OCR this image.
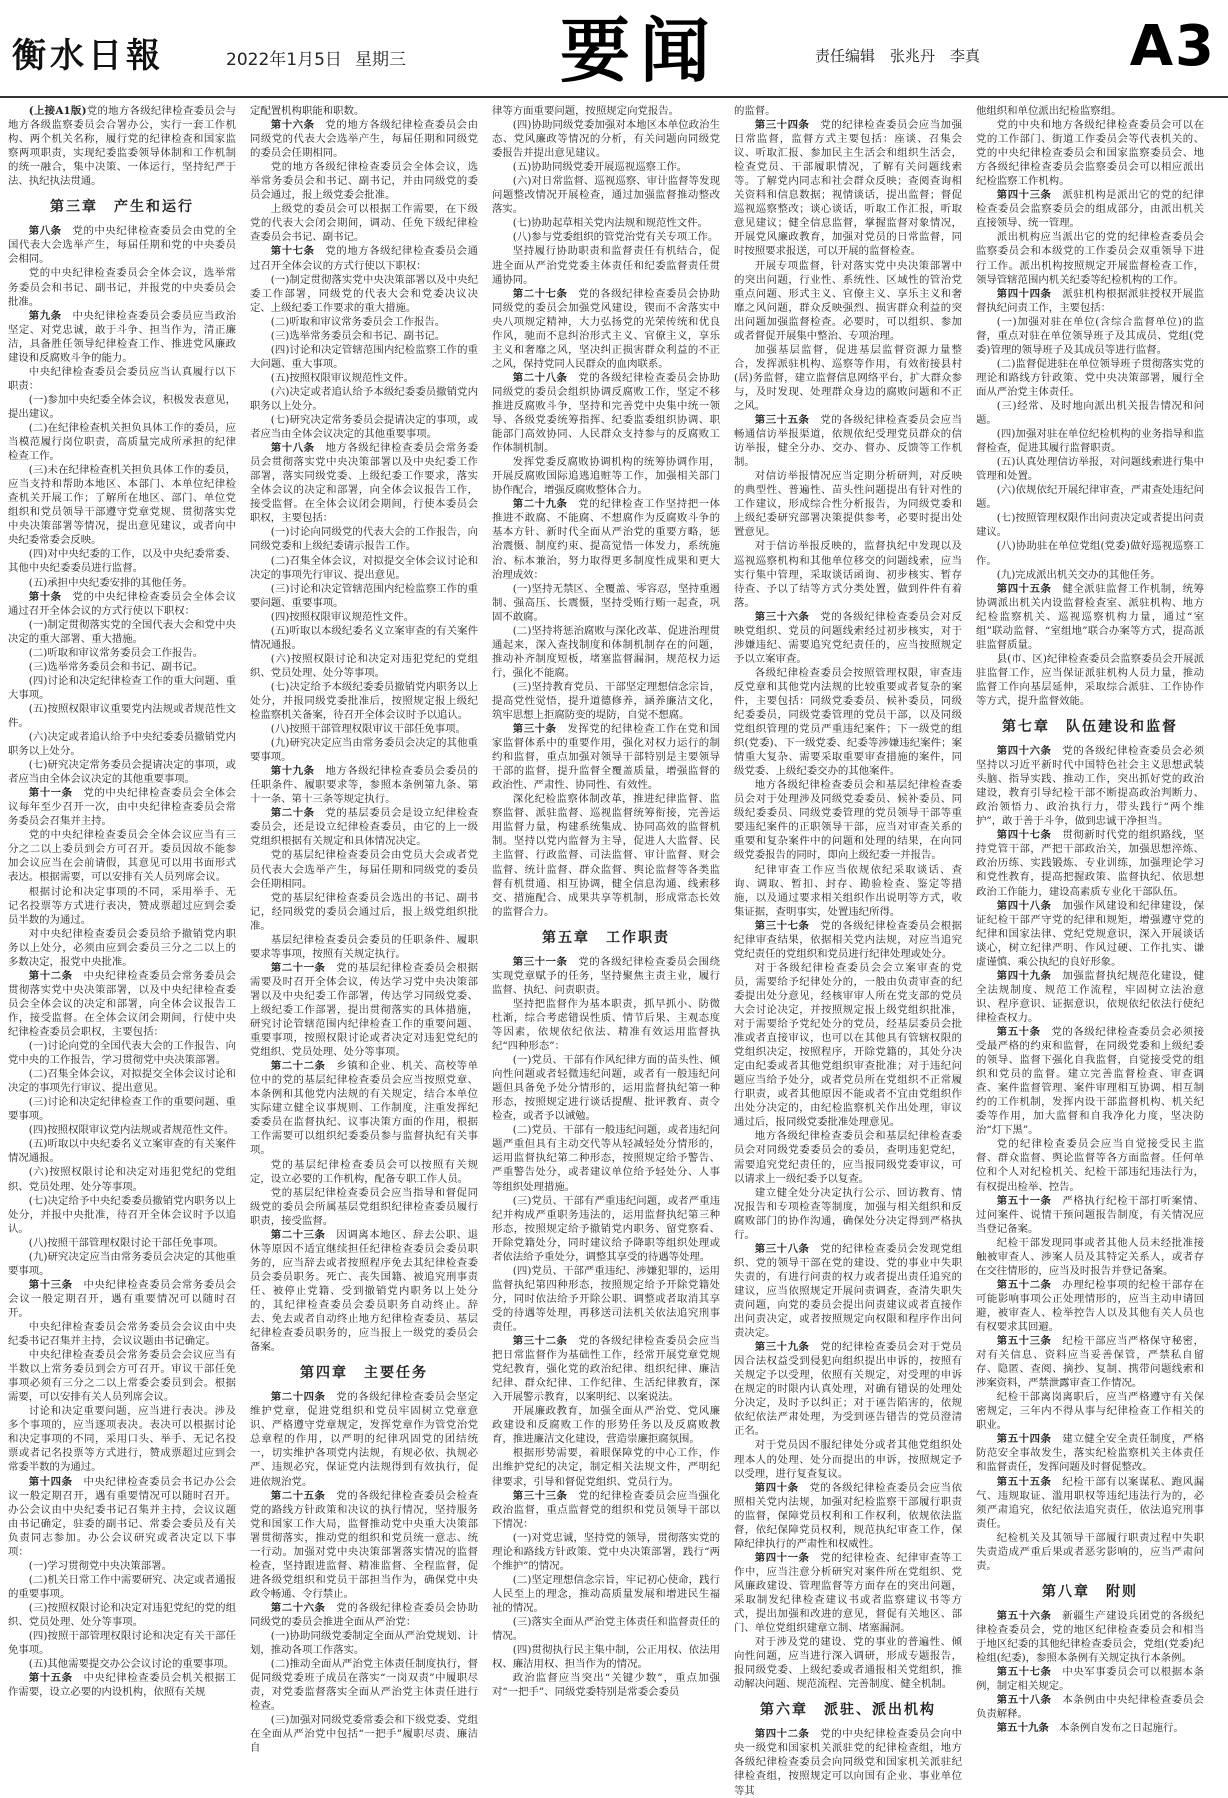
衡水日報	2022年1月5日 星期三	要闻	责任编辑　张兆丹　李真	A3

(上接A1版)党的地方各级纪律检查委员会与地方各级监察委员会合署办公，实行一套工作机构、两个机关名称，履行党的纪律检查和国家监察两项职责，实现纪委监委领导体制和工作机制的统一融合，集中决策、一体运行，坚持纪严于法、执纪执法贯通。

第三章　产生和运行

第八条　党的中央纪律检查委员会由党的全国代表大会选举产生，每届任期和党的中央委员会相同。

党的中央纪律检查委员会全体会议，选举常务委员会和书记、副书记，并报党的中央委员会批准。

第九条　中央纪律检查委员会委员应当政治坚定、对党忠诚，敢于斗争、担当作为，清正廉洁，具备胜任领导纪律检查工作、推进党风廉政建设和反腐败斗争的能力。

中央纪律检查委员会委员应当认真履行以下职责：

(一)参加中央纪委全体会议，积极发表意见，提出建议。

(二)在纪律检查机关担负具体工作的委员，应当模范履行岗位职责，高质量完成所承担的纪律检查工作。

(三)未在纪律检查机关担负具体工作的委员，应当支持和帮助本地区、本部门、本单位纪律检查机关开展工作；了解所在地区、部门、单位党组织和党员领导干部遵守党章党规、贯彻落实党中央决策部署等情况，提出意见建议，或者向中央纪委常委会反映。

(四)对中央纪委的工作，以及中央纪委常委、其他中央纪委委员进行监督。

(五)承担中央纪委安排的其他任务。

第十条　党的中央纪律检查委员会全体会议通过召开全体会议的方式行使以下职权：

(一)制定贯彻落实党的全国代表大会和党中央决定的重大部署、重大措施。

(二)听取和审议常务委员会工作报告。

(三)选举常务委员会和书记、副书记。

(四)讨论和决定纪律检查工作的重大问题、重大事项。

(五)按照权限审议重要党内法规或者规范性文件。

(六)决定或者追认给予中央纪委委员撤销党内职务以上处分。

(七)研究决定常务委员会提请决定的事项，或者应当由全体会议决定的其他重要事项。

第十一条　党的中央纪律检查委员会全体会议每年至少召开一次，由中央纪律检查委员会常务委员会召集并主持。

党的中央纪律检查委员会全体会议应当有三分之二以上委员到会方可召开。委员因故不能参加会议应当在会前请假，其意见可以用书面形式表达。根据需要，可以安排有关人员列席会议。

根据讨论和决定事项的不同，采用举手、无记名投票等方式进行表决，赞成票超过应到会委员半数的为通过。

对中央纪律检查委员会委员给予撤销党内职务以上处分，必须由应到会委员三分之二以上的多数决定，报党中央批准。

第十二条　中央纪律检查委员会常务委员会贯彻落实党中央决策部署，以及中央纪律检查委员会全体会议的决定和部署，向全体会议报告工作，接受监督。在全体会议闭会期间，行使中央纪律检查委员会职权，主要包括：

(一)讨论向党的全国代表大会的工作报告、向党中央的工作报告，学习贯彻党中央决策部署。

(二)召集全体会议，对拟提交全体会议讨论和决定的事项先行审议、提出意见。

(三)讨论和决定纪律检查工作的重要问题、重要事项。

(四)按照权限审议党内法规或者规范性文件。

(五)听取以中央纪委名义立案审查的有关案件情况通报。

(六)按照权限讨论和决定对违犯党纪的党组织、党员处理、处分等事项。

(七)决定给予中央纪委委员撤销党内职务以上处分，并报中央批准，待召开全体会议时予以追认。

(八)按照干部管理权限讨论干部任免事项。

(九)研究决定应当由常务委员会决定的其他重要事项。

第十三条　中央纪律检查委员会常务委员会会议一般定期召开，遇有重要情况可以随时召开。

中央纪律检查委员会常务委员会会议由中央纪委书记召集并主持，会议议题由书记确定。

中央纪律检查委员会常务委员会会议应当有半数以上常务委员到会方可召开。审议干部任免事项必须有三分之二以上常委会委员到会。根据需要，可以安排有关人员列席会议。

讨论和决定重要问题，应当进行表决。涉及多个事项的，应当逐项表决。表决可以根据讨论和决定事项的不同，采用口头、举手、无记名投票或者记名投票等方式进行，赞成票超过应到会常委半数的为通过。

第十四条　中央纪律检查委员会书记办公会议一般定期召开，遇有重要情况可以随时召开。办公会议由中央纪委书记召集并主持，会议议题由书记确定，驻委的副书记、常委会委员及有关负责同志参加。办公会议研究或者决定以下事项：

(一)学习贯彻党中央决策部署。

(二)机关日常工作中需要研究、决定或者通报的重要事项。

(三)按照权限讨论和决定对违犯党纪的党的组织、党员处理、处分等事项。

(四)按照干部管理权限讨论和决定有关干部任免事项。

(五)其他需要提交办公会议讨论的重要事项。

第十五条　中央纪律检查委员会机关根据工作需要，设立必要的内设机构，依照有关规

定配置机构职能和职数。

第十六条　党的地方各级纪律检查委员会由同级党的代表大会选举产生，每届任期和同级党的委员会任期相同。

党的地方各级纪律检查委员会全体会议，选举常务委员会和书记、副书记，并由同级党的委员会通过，报上级党委会批准。

上级党的委员会可以根据工作需要，在下级党的代表大会闭会期间，调动、任免下级纪律检查委员会书记、副书记。

第十七条　党的地方各级纪律检查委员会通过召开全体会议的方式行使以下职权：

(一)制定贯彻落实党中央决策部署以及中央纪委工作部署，同级党的代表大会和党委决议决定、上级纪委工作要求的重大措施。

(二)听取和审议常务委员会工作报告。

(三)选举常务委员会和书记、副书记。

(四)讨论和决定管辖范围内纪检监察工作的重大问题、重大事项。

(五)按照权限审议规范性文件。

(六)决定或者追认给予本级纪委委员撤销党内职务以上处分。

(七)研究决定常务委员会提请决定的事项，或者应当由全体会议决定的其他重要事项。

第十八条　地方各级纪律检查委员会常务委员会贯彻落实党中央决策部署以及中央纪委工作部署，落实同级党委、上级纪委工作要求，落实全体会议的决定和部署，向全体会议报告工作，接受监督。在全体会议闭会期间，行使本委员会职权，主要包括：

(一)讨论向同级党的代表大会的工作报告，向同级党委和上级纪委请示报告工作。

(二)召集全体会议，对拟提交全体会议讨论和决定的事项先行审议、提出意见。

(三)讨论和决定管辖范围内纪检监察工作的重要问题、重要事项。

(四)按照权限审议规范性文件。

(五)听取以本级纪委名义立案审查的有关案件情况通报。

(六)按照权限讨论和决定对违犯党纪的党组织、党员处理、处分等事项。

(七)决定给予本级纪委委员撤销党内职务以上处分，并报同级党委批准后，按照规定报上级纪检监察机关备案，待召开全体会议时予以追认。

(八)按照干部管理权限审议干部任免事项。

(九)研究决定应当由常务委员会决定的其他重要事项。

第十九条　地方各级纪律检查委员会委员的任职条件、履职要求等，参照本条例第九条、第十一条、第十三条等规定执行。

第二十条　党的基层委员会是设立纪律检查委员会，还是设立纪律检查委员，由它的上一级党组织根据有关规定和具体情况决定。

党的基层纪律检查委员会由党员大会或者党员代表大会选举产生，每届任期和同级党的委员会任期相同。

党的基层纪律检查委员会选出的书记、副书记，经同级党的委员会通过后，报上级党组织批准。

基层纪律检查委员会委员的任职条件、履职要求等事项，按照有关规定执行。

第二十一条　党的基层纪律检查委员会根据需要及时召开全体会议，传达学习党中央决策部署以及中央纪委工作部署，传达学习同级党委、上级纪委工作部署，提出贯彻落实的具体措施，研究讨论管辖范围内纪律检查工作的重要问题、重要事项，按照权限讨论或者决定对违犯党纪的党组织、党员处理、处分等事项。

第二十二条　乡镇和企业、机关、高校等单位中的党的基层纪律检查委员会应当按照党章、本条例和其他党内法规的有关规定，结合本单位实际建立健全议事规则、工作制度，注重发挥纪委委员在监督执纪、议事决策方面的作用，根据工作需要可以组织纪委委员参与监督执纪有关事项。

党的基层纪律检查委员会可以按照有关规定，设立必要的工作机构，配备专职工作人员。

党的基层纪律检查委员会应当指导和督促同级党的委员会所属基层党组织纪律检查委员履行职责，接受监督。

第二十三条　因调离本地区、辞去公职、退休等原因不适宜继续担任纪律检查委员会委员职务的，应当辞去或者按照程序免去其纪律检查委员会委员职务。死亡、丧失国籍、被追究刑事责任、被停止党籍、受到撤销党内职务以上处分的，其纪律检查委员会委员职务自动终止。辞去、免去或者自动终止地方纪律检查委员、基层纪律检查委员职务的，应当报上一级党的委员会备案。

第四章　主要任务

第二十四条　党的各级纪律检查委员会坚定维护党章，促进党组织和党员牢固树立党章意识、严格遵守党章规定，发挥党章作为管党治党总章程的作用，以严明的纪律巩固党的团结统一，切实维护各项党内法规，有规必依、执规必严、违规必究，保证党内法规得到有效执行，促进依规治党。

第二十五条　党的各级纪律检查委员会检查党的路线方针政策和决议的执行情况，坚持服务党和国家工作大局，监督推动党中央重大决策部署贯彻落实，推动党的组织和党员统一意志、统一行动。加强对党中央决策部署落实情况的监督检查，坚持跟进监督、精准监督、全程监督，促进各级党组织和党员干部担当作为，确保党中央政令畅通、令行禁止。

第二十六条　党的各级纪律检查委员会协助同级党的委员会推进全面从严治党：

(一)协助同级党委制定全面从严治党规划、计划，推动各项工作落实。

(二)推动全面从严治党主体责任制度执行，督促同级党委班子成员在落实“一岗双责”中履职尽责，对党委监督落实全面从严治党主体责任进行检查。

(三)加强对同级党委常委会和下级党委、党组在全面从严治党中包括“一把手”履职尽责、廉洁自

律等方面重要问题，按照规定向党报告。

(四)协助同级党委加强对本地区本单位政治生态、党风廉政等情况的分析，有关问题向同级党委报告并提出意见建议。

(五)协助同级党委开展巡视巡察工作。

(六)对日常监督、巡视巡察、审计监督等发现问题整改情况开展检查，通过加强监督推动整改落实。

(七)协助起草相关党内法规和规范性文件。

(八)参与党委组织的管党治党有关专项工作。

坚持履行协助职责和监督责任有机结合，促进全面从严治党党委主体责任和纪委监督责任贯通协同。

第二十七条　党的各级纪律检查委员会协助同级党的委员会加强党风建设，锲而不舍落实中央八项规定精神，大力弘扬党的光荣传统和优良作风，驰而不息纠治形式主义、官僚主义，享乐主义和奢靡之风，坚决纠正损害群众利益的不正之风，保持党同人民群众的血肉联系。

第二十八条　党的各级纪律检查委员会协助同级党的委员会组织协调反腐败工作，坚定不移推进反腐败斗争，坚持和完善党中央集中统一领导、各级党委统筹指挥、纪委监委组织协调、职能部门高效协同、人民群众支持参与的反腐败工作体制机制。

发挥党委反腐败协调机构的统筹协调作用，开展反腐败国际追逃追赃等工作，加强相关部门协作配合，增强反腐败整体合力。

第二十九条　党的纪律检查工作坚持把一体推进不敢腐、不能腐、不想腐作为反腐败斗争的基本方针、新时代全面从严治党的重要方略，惩治震慑、制度约束、提高觉悟一体发力，系统施治、标本兼治，努力取得更多制度性成果和更大治理成效：

(一)坚持无禁区、全覆盖、零容忍，坚持重遏制、强高压、长震慑，坚持受贿行贿一起查，巩固不敢腐。

(二)坚持将惩治腐败与深化改革、促进治理贯通起来，深入查找制度和体制机制存在的问题，推动补齐制度短板，堵塞监督漏洞，规范权力运行，强化不能腐。

(三)坚持教育党员、干部坚定理想信念宗旨，提高党性觉悟，提升道德修养，涵养廉洁文化，筑牢思想上拒腐防变的堤防，自觉不想腐。

第三十条　发挥党的纪律检查工作在党和国家监督体系中的重要作用，强化对权力运行的制约和监督，重点加强对领导干部特别是主要领导干部的监督，提升监督全覆盖质量，增强监督的政治性、严肃性、协同性、有效性。

深化纪检监察体制改革，推进纪律监督、监察监督、派驻监督、巡视监督统筹衔接，完善运用监督力量，构建系统集成、协同高效的监督机制。坚持以党内监督为主导，促进人大监督、民主监督、行政监督、司法监督、审计监督、财会监督、统计监督、群众监督、舆论监督等各类监督有机贯通、相互协调，健全信息沟通、线索移交、措施配合、成果共享等机制，形成常态长效的监督合力。

第五章　工作职责

第三十一条　党的各级纪律检查委员会围绕实现党章赋予的任务，坚持聚焦主责主业，履行监督、执纪、问责职责。

坚持把监督作为基本职责，抓早抓小、防微杜渐，综合考虑错误性质、情节后果、主观态度等因素，依规依纪依法、精准有效运用监督执纪“四种形态”：

(一)党员、干部有作风纪律方面的苗头性、倾向性问题或者轻微违纪问题，或者有一般违纪问题但具备免予处分情形的，运用监督执纪第一种形态，按照规定进行谈话提醒、批评教育、责令检查，或者予以诫勉。

(二)党员、干部有一般违纪问题，或者违纪问题严重但具有主动交代等从轻减轻处分情形的，运用监督执纪第二种形态，按照规定给予警告、严重警告处分，或者建议单位给予轻处分、人事等组织处理措施。

(三)党员、干部有严重违纪问题，或者严重违纪并构成严重职务违法的，运用监督执纪第三种形态，按照规定给予撤销党内职务、留党察看、开除党籍处分，同时建议给予降职等组织处理或者依法给予重处分，调整其享受的待遇等处理。

(四)党员、干部严重违纪、涉嫌犯罪的，运用监督执纪第四种形态，按照规定给予开除党籍处分，同时依法给予开除公职、调整或者取消其享受的待遇等处理，再移送司法机关依法追究刑事责任。

第三十二条　党的各级纪律检查委员会应当把日常监督作为基础性工作，经常开展党章党规党纪教育，强化党的政治纪律、组织纪律、廉洁纪律、群众纪律、工作纪律、生活纪律教育，深入开展警示教育，以案明纪、以案说法。

开展廉政教育，加强全面从严治党、党风廉政建设和反腐败工作的形势任务以及反腐败教育，推进廉洁文化建设，营造崇廉拒腐氛围。

根据形势需要，着眼保障党的中心工作，作出维护党纪的决定，制定相关法规文件，严明纪律要求，引导和督促党组织、党员行为。

第三十三条　党的纪律检查委员会应当强化政治监督，重点监督党的组织和党员领导干部以下情况：

(一)对党忠诚，坚持党的领导，贯彻落实党的理论和路线方针政策、党中央决策部署，践行“两个维护”的情况。

(二)坚定理想信念宗旨，牢记初心使命，践行人民至上的理念，推动高质量发展和增进民生福祉的情况。

(三)落实全面从严治党主体责任和监督责任的情况。

(四)贯彻执行民主集中制，公正用权、依法用权、廉洁用权、担当作为的情况。

政治监督应当突出“关键少数”，重点加强对“一把手”、同级党委特别是常委会委员

的监督。

第三十四条　党的纪律检查委员会应当加强日常监督，监督方式主要包括：座谈、召集会议、听取汇报、参加民主生活会和组织生活会，检查党员、干部履职情况，了解有关问题线索等。了解党内同志和社会群众反映；查阅查询相关资料和信息数据；视情谈话，提出监督；督促巡视巡察整改；谈心谈话，听取工作汇报，听取意见建议；健全信息监督，掌握监督对象情况，开展党风廉政教育，加强对党员的日常监督，同时按照要求报送，可以开展的监督检查。

开展专项监督，针对落实党中央决策部署中的突出问题，行业性、系统性、区域性的管治党重点问题、形式主义、官僚主义、享乐主义和奢靡之风问题，群众反映强烈、损害群众利益的突出问题加强监督检查。必要时，可以组织、参加或者督促开展集中整治、专项治理。

加强基层监督，促进基层监督资源力量整合，发挥派驻机构、巡察等作用，有效衔接县村(居)务监督，建立监督信息网络平台，扩大群众参与，及时发现、处理群众身边的腐败问题和不正之风。

第三十五条　党的各级纪律检查委员会应当畅通信访举报渠道，依规依纪受理党员群众的信访举报，健全分办、交办、督办、反馈等工作机制。

对信访举报情况应当定期分析研判，对反映的典型性、普遍性、苗头性问题提出有针对性的工作建议，形成综合性分析报告，为同级党委和上级纪委研究部署决策提供参考，必要时提出处置意见。

对于信访举报反映的，监督执纪中发现以及巡视巡察机构和其他单位移交的问题线索，应当实行集中管理，采取谈话函询、初步核实、暂存待查、予以了结等方式分类处置，做到件件有着落。

第三十六条　党的各级纪律检查委员会对反映党组织、党员的问题线索经过初步核实，对于涉嫌违纪、需要追究党纪责任的，应当按照规定予以立案审查。

各级纪律检查委员会按照管理权限，审查违反党章和其他党内法规的比较重要或者复杂的案件，主要包括：同级党委委员、候补委员，同级纪委委员，同级党委管理的党员干部，以及同级党组织管理的党员严重违纪案件；下一级党的组织(党委)、下一级党委、纪委等涉嫌违纪案件；案情重大复杂、需要采取重要审查措施的案件，同级党委、上级纪委交办的其他案件。

地方各级纪律检查委员会和基层纪律检查委员会对于处理涉及同级党委委员、候补委员、同级纪委委员、同级党委管理的党员领导干部等重要违纪案件的正职领导干部，应当对审查关系的重要和复杂案件中的问题和处理的结果，在向同级党委报告的同时，即向上级纪委一并报告。

纪律审查工作应当依规依纪采取谈话、查询、调取、暂扣、封存、勘验检查、鉴定等措施，以及通过要求相关组织作出说明等方式，收集证据，查明事实，处置违纪所得。

第三十七条　党的各级纪律检查委员会根据纪律审查结果，依据相关党内法规，对应当追究党纪责任的党组织和党员进行纪律处理或处分。

对于各级纪律检查委员会会立案审查的党员，需要给予纪律处分的，一般由负责审查的纪委提出处分意见，经核审审人所在党支部的党员大会讨论决定，并按照规定报上级党组织批准，对于需要给予党纪处分的党员，经基层委员会批准或者直接审议，也可以在其他具有管辖权限的党组织决定，按照程序，开除党籍的，其处分决定由纪委或者其他党组织审查批准；对于违纪问题应当给予处分，或者党员所在党组织不正常履行职责，或者其他原因不能或者不宜由党组织作出处分决定的，由纪检监察机关作出处理，审议通过后，报同级党委批准处理意见。

地方各级纪律检查委员会和基层纪律检查委员会对同级党委委员会的委员，查明违犯党纪，需要追究党纪责任的，应当报同级党委审议，可以请求上一级纪委予以复查。

建立健全处分决定执行公示、回访教育、情况报告和专项检查等制度，加强与相关组织和反腐败部门的协作沟通，确保处分决定得到严格执行。

第三十八条　党的纪律检查委员会发现党组织、党的领导干部在党的建设、党的事业中失职失责的，有进行问责的权力或者提出责任追究的建议，应当依照规定开展问责调查，查清失职失责问题，向党的委员会提出问责建议或者直接作出问责决定，或者按照规定向权限和程序作出问责决定。

第三十九条　党的纪律检查委员会对于党员因合法权益受到侵犯向组织提出申诉的，按照有关规定予以受理，依照有关规定，对受理的申诉在规定的时限内认真处理，对确有错误的处理处分决定，及时予以纠正；对于诬告陷害的，依规依纪依法严肃处理，为受到诬告错告的党员澄清正名。

对于党员因不服纪律处分或者其他党组织处理本人的处理、处分而提出的申诉，按照规定予以受理，进行复查复议。

第四十条　党的各级纪律检查委员会应当依照相关党内法规，加强对纪检监察干部履行职责的监督，保障党员权利和工作权利，依规依法监督，依纪保障党员权利，规范执纪审查工作，保障纪律执行的严肃性和权威性。

第四十一条　党的纪律检查、纪律审查等工作中，应当注意分析研究对案件所在党组织、党风廉政建设、管理监督等方面存在的突出问题，采取制发纪律检查建议书或者监察建议书等方式，提出加强和改进的意见，督促有关地区、部门、单位党组织建章立制、堵塞漏洞。

对于涉及党的建设、党的事业的普遍性、倾向性问题，应当进行深入调研，形成专题报告，报同级党委、上级纪委或者通报相关党组织，推动解决问题、规范流程、完善制度、健全机制。

第六章　派驻、派出机构

第四十二条　党的中央纪律检查委员会向中央一级党和国家机关派驻党的纪律检查组，地方各级纪律检查委员会向同级党和国家机关派驻纪律检查组，按照规定可以向国有企业、事业单位等其

他组织和单位派出纪检监察组。

党的中央和地方各级纪律检查委员会可以在党的工作部门、街道工作委员会等代表机关的、党的中央纪律检查委员会和国家监察委员会、地方各级纪律检查委员会监察委员会可以相应派出纪检监察工作机构。

第四十三条　派驻机构是派出它的党的纪律检查委员会监察委员会的组成部分，由派出机关直接领导、统一管理。

派出机构应当派出它的党的纪律检查委员会监察委员会和本级党的工作委员会双重领导下进行工作。派出机构按照规定开展监督检查工作，领导管辖范围内机关纪委等纪检机构的工作。

第四十四条　派驻机构根据派驻授权开展监督执纪问责工作，主要包括：

(一)加强对驻在单位(含综合监督单位)的监督，重点对驻在单位领导班子及其成员、党组(党委)管理的领导班子及其成员等进行监督。

(二)监督促进驻在单位领导班子贯彻落实党的理论和路线方针政策、党中央决策部署，履行全面从严治党主体责任。

(三)经常、及时地向派出机关报告情况和问题。

(四)加强对驻在单位纪检机构的业务指导和监督检查，促进其履行监督职责。

(五)认真处理信访举报，对问题线索进行集中管理和处置。

(六)依规依纪开展纪律审查，严肃查处违纪问题。

(七)按照管理权限作出问责决定或者提出问责建议。

(八)协助驻在单位党组(党委)做好巡视巡察工作。

(九)完成派出机关交办的其他任务。

第四十五条　健全派驻监督工作机制，统筹协调派出机关内设监督检查室、派驻机构、地方纪检监察机关、巡视巡察机构力量，通过“室组”联动监督、“室组地”联合办案等方式，提高派驻监督质量。

县(市、区)纪律检查委员会监察委员会开展派驻监督工作，应当保证派驻机构人员力量，推动监督工作向基层延伸，采取综合派驻、工作协作等方式，提升监督效能。

第七章　队伍建设和监督

第四十六条　党的各级纪律检查委员会必须坚持以习近平新时代中国特色社会主义思想武装头脑、指导实践、推动工作，突出抓好党的政治建设，教育引导纪检干部不断提高政治判断力、政治领悟力、政治执行力，带头践行“两个维护”，敢于善于斗争，做到忠诚干净担当。

第四十七条　贯彻新时代党的组织路线，坚持党管干部，严把干部政治关，加强思想淬炼、政治历练、实践锻炼、专业训练，加强理论学习和党性教育，提高把握政策、监督执纪、依思想政治工作能力，建设高素质专业化干部队伍。

第四十八条　加强作风建设和纪律建设，保证纪检干部严守党的纪律和规矩，增强遵守党的纪律和国家法律、党纪党规意识，深入开展谈话谈心，树立纪律严明、作风过硬、工作扎实、谦虚谨慎、乘公执纪的良好形象。

第四十九条　加强监督执纪规范化建设，健全法规制度、规范工作流程，牢固树立法治意识、程序意识、证据意识，依规依纪依法行使纪律检查权力。

第五十条　党的各级纪律检查委员会必须接受最严格的约束和监督，在同级党委和上级纪委的领导、监督下强化自我监督，自觉接受党的组织和党员的监督。建立完善监督检查、审查调查、案件监督管理、案件审理相互协调、相互制约的工作机制，发挥内设干部监督机构、机关纪委等作用，加大监督和自我净化力度，坚决防治“灯下黑”。

党的纪律检查委员会应当自觉接受民主监督、群众监督、舆论监督等各方面监督。任何单位和个人对纪检机关、纪检干部违纪违法行为，有权提出检举、控告。

第五十一条　严格执行纪检干部打听案情、过问案件、说情干预问题报告制度，有关情况应当登记备案。

纪检干部发现同事或者其他人员未经批准接触被审查人、涉案人员及其特定关系人，或者存在交往情形的，应当及时报告并登记备案。

第五十二条　办理纪检事项的纪检干部存在可能影响事项公正处理情形的，应当主动申请回避，被审查人、检举控告人以及其他有关人员也有权要求其回避。

第五十三条　纪检干部应当严格保守秘密，对有关信息、资料应当妥善保管，严禁私自留存、隐匿、查阅、摘抄、复制、携带问题线索和涉案资料，严禁泄露审查工作情况。

纪检干部离岗离职后，应当严格遵守有关保密规定，三年内不得从事与纪律检查工作相关的职业。

第五十四条　建立健全安全责任制度，严格防范安全事故发生，落实纪检监察机关主体责任和监督责任，发挥问题及时督促整改。

第五十五条　纪检干部有以案谋私、跑风漏气、违规取证、滥用职权等违纪违法行为的，必须严肃追究，依纪依法追究责任，依法追究刑事责任。

纪检机关及其领导干部履行职责过程中失职失责造成严重后果或者恶劣影响的，应当严肃问责。

第八章　附则

第五十六条　新疆生产建设兵团党的各级纪律检查委员会，党的地区纪律检查委员会和相当于地区纪委的其他纪律检查委员会，党组(党委)纪检组(纪委)，参照本条例有关规定执行本条例。

第五十七条　中央军事委员会可以根据本条例，制定相关规定。

第五十八条　本条例由中央纪律检查委员会负责解释。

第五十九条　本条例自发布之日起施行。
